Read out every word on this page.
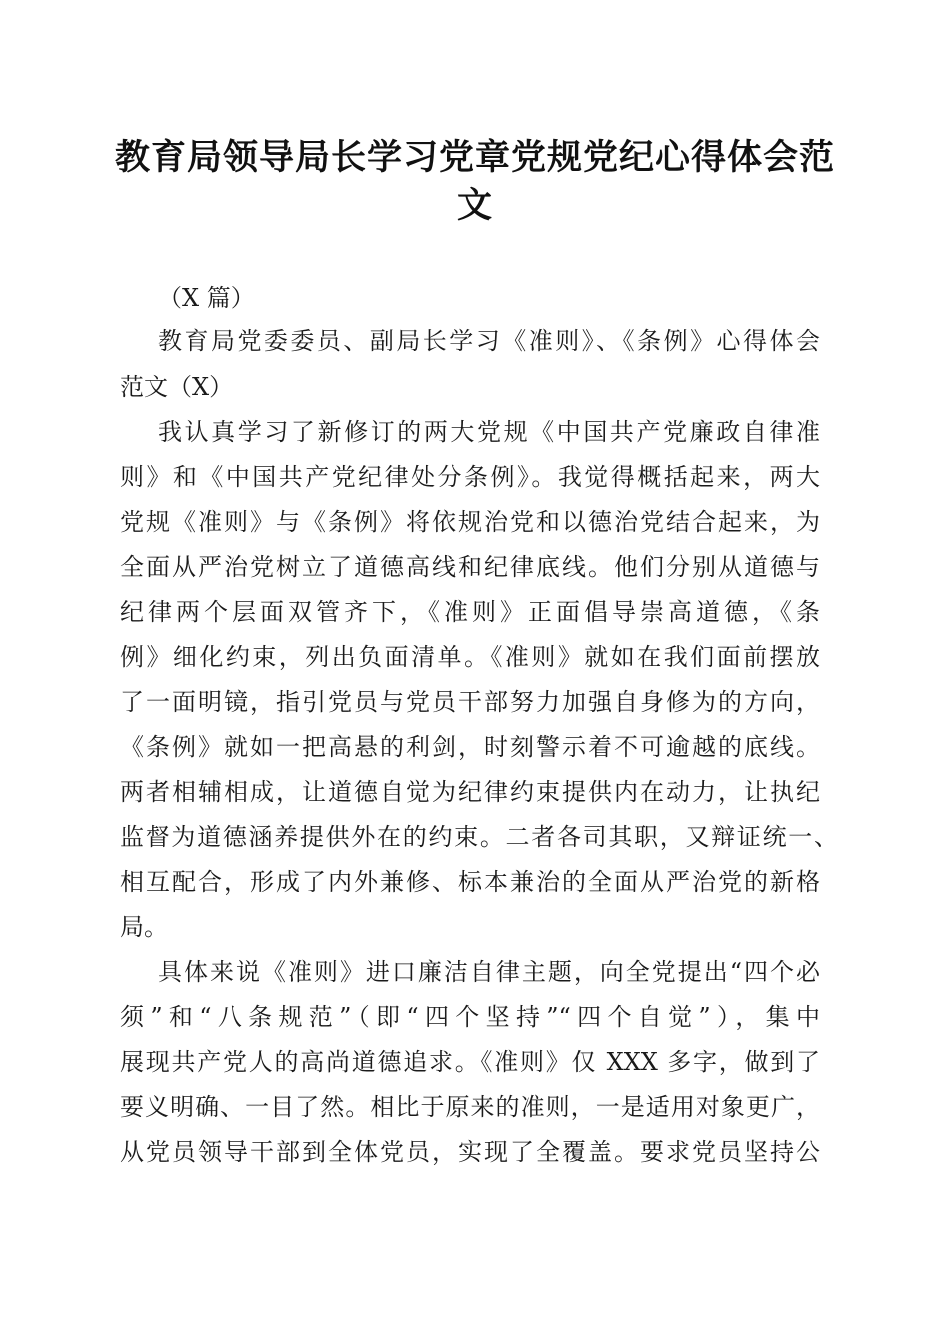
教育局领导局长学习党章党规党纪心得体会范
文

（X 篇）

教育局党委委员、副局长学习《准则》、《条例》心得体会

范文（X）

我认真学习了新修订的两大党规《中国共产党廉政自律准

则》和《中国共产党纪律处分条例》。我觉得概括起来，两大

党规《准则》与《条例》将依规治党和以德治党结合起来，为

全面从严治党树立了道德高线和纪律底线。他们分别从道德与

纪律两个层面双管齐下，《准则》正面倡导崇高道德，《条

例》细化约束，列出负面清单。《准则》就如在我们面前摆放

了一面明镜，指引党员与党员干部努力加强自身修为的方向，

《条例》就如一把高悬的利剑，时刻警示着不可逾越的底线。

两者相辅相成，让道德自觉为纪律约束提供内在动力，让执纪

监督为道德涵养提供外在的约束。二者各司其职，又辩证统一、

相互配合，形成了内外兼修、标本兼治的全面从严治党的新格

局。

具体来说《准则》进口廉洁自律主题，向全党提出“四个必

须”和“八条规范”（即“四个坚持”“四个自觉”），集中

展现共产党人的高尚道德追求。《准则》仅 XXX 多字，做到了

要义明确、一目了然。相比于原来的准则，一是适用对象更广，

从党员领导干部到全体党员，实现了全覆盖。要求党员坚持公
